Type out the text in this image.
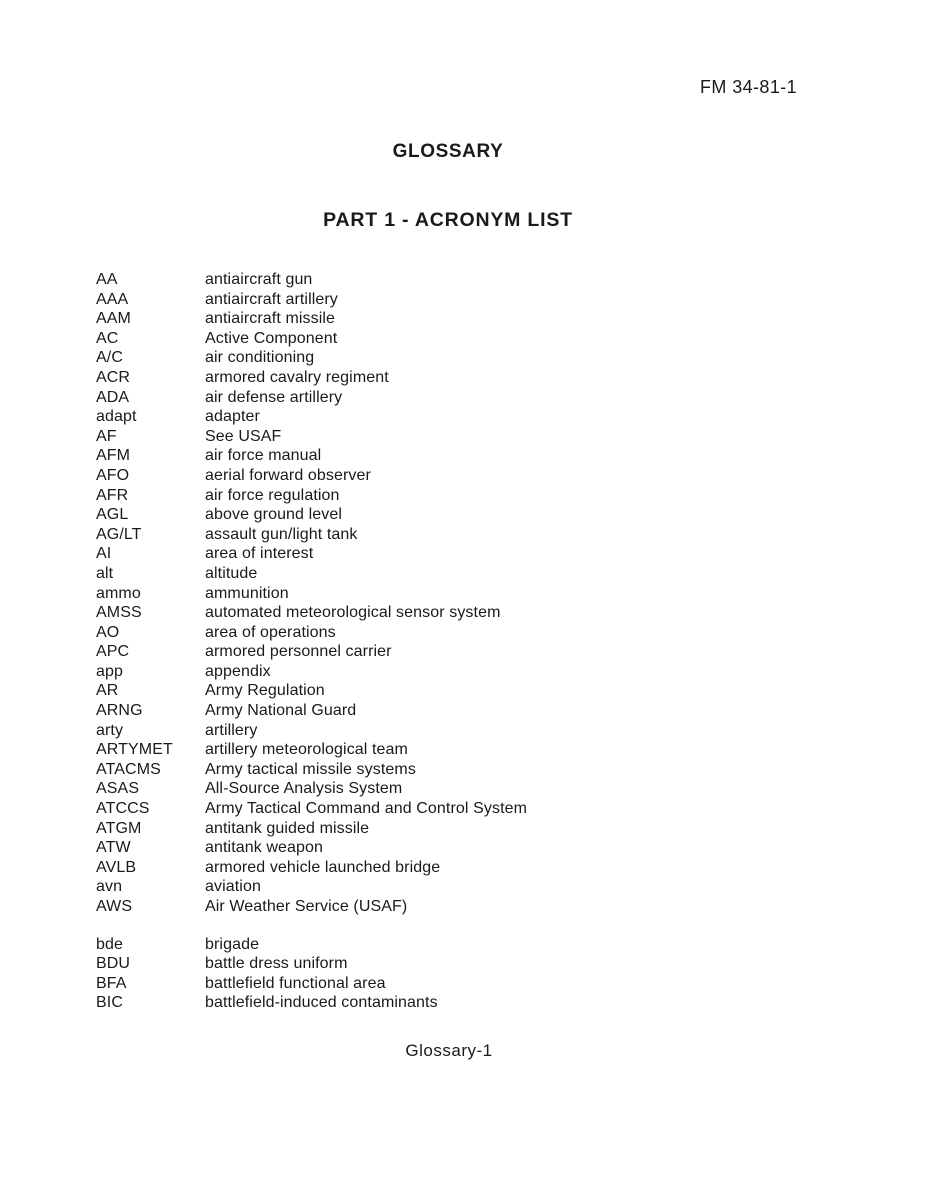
FM 34-81-1
GLOSSARY
PART 1 - ACRONYM LIST
AA	antiaircraft gun
AAA	antiaircraft artillery
AAM	antiaircraft missile
AC	Active Component
A/C	air conditioning
ACR	armored cavalry regiment
ADA	air defense artillery
adapt	adapter
AF	See USAF
AFM	air force manual
AFO	aerial forward observer
AFR	air force regulation
AGL	above ground level
AG/LT	assault gun/light tank
AI	area of interest
alt	altitude
ammo	ammunition
AMSS	automated meteorological sensor system
AO	area of operations
APC	armored personnel carrier
app	appendix
AR	Army Regulation
ARNG	Army National Guard
arty	artillery
ARTYMET artillery meteorological team
ATACMS	Army tactical missile systems
ASAS	All-Source Analysis System
ATCCS	Army Tactical Command and Control System
ATGM	antitank guided missile
ATW	antitank weapon
AVLB	armored vehicle launched bridge
avn	aviation
AWS	Air Weather Service (USAF)
bde	brigade
BDU	battle dress uniform
BFA	battlefield functional area
BIC	battlefield-induced contaminants
Glossary-1
